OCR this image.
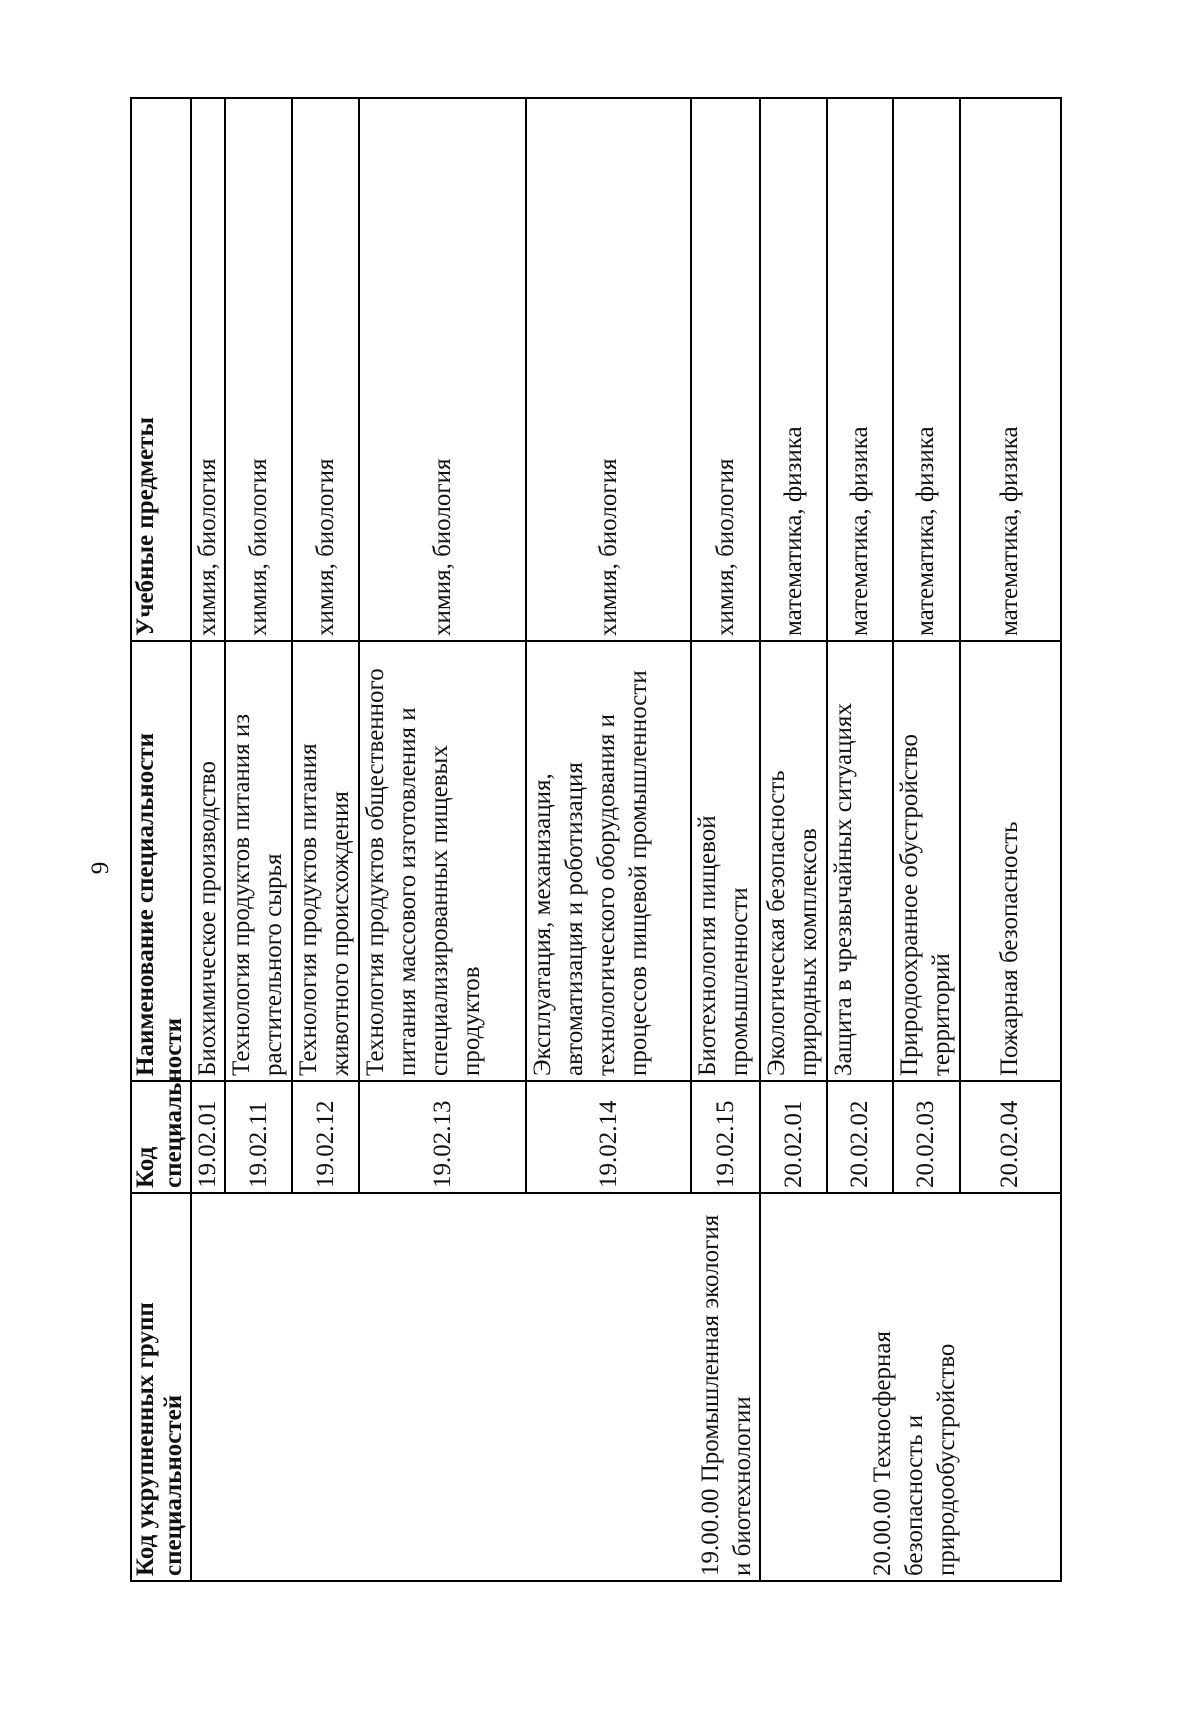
9
Код укрупненных групп специальностей	Код специальности	Наименование специальности	Учебные предметы

19.00.00 Промышленная экология и биотехнологии	19.02.01	Биохимическое производство	химия, биология
	19.02.11	Технология продуктов питания из растительного сырья	химия, биология
	19.02.12	Технология продуктов питания животного происхождения	химия, биология
	19.02.13	Технология продуктов общественного питания массового изготовления и специализированных пищевых продуктов	химия, биология
	19.02.14	Эксплуатация, механизация, автоматизация и роботизация технологического оборудования и процессов пищевой промышленности	химия, биология
	19.02.15	Биотехнология пищевой промышленности	химия, биология
20.00.00 Техносферная безопасность и природообустройство	20.02.01	Экологическая безопасность природных комплексов	математика, физика
	20.02.02	Защита в чрезвычайных ситуациях	математика, физика
	20.02.03	Природоохранное обустройство территорий	математика, физика
	20.02.04	Пожарная безопасность	математика, физика
